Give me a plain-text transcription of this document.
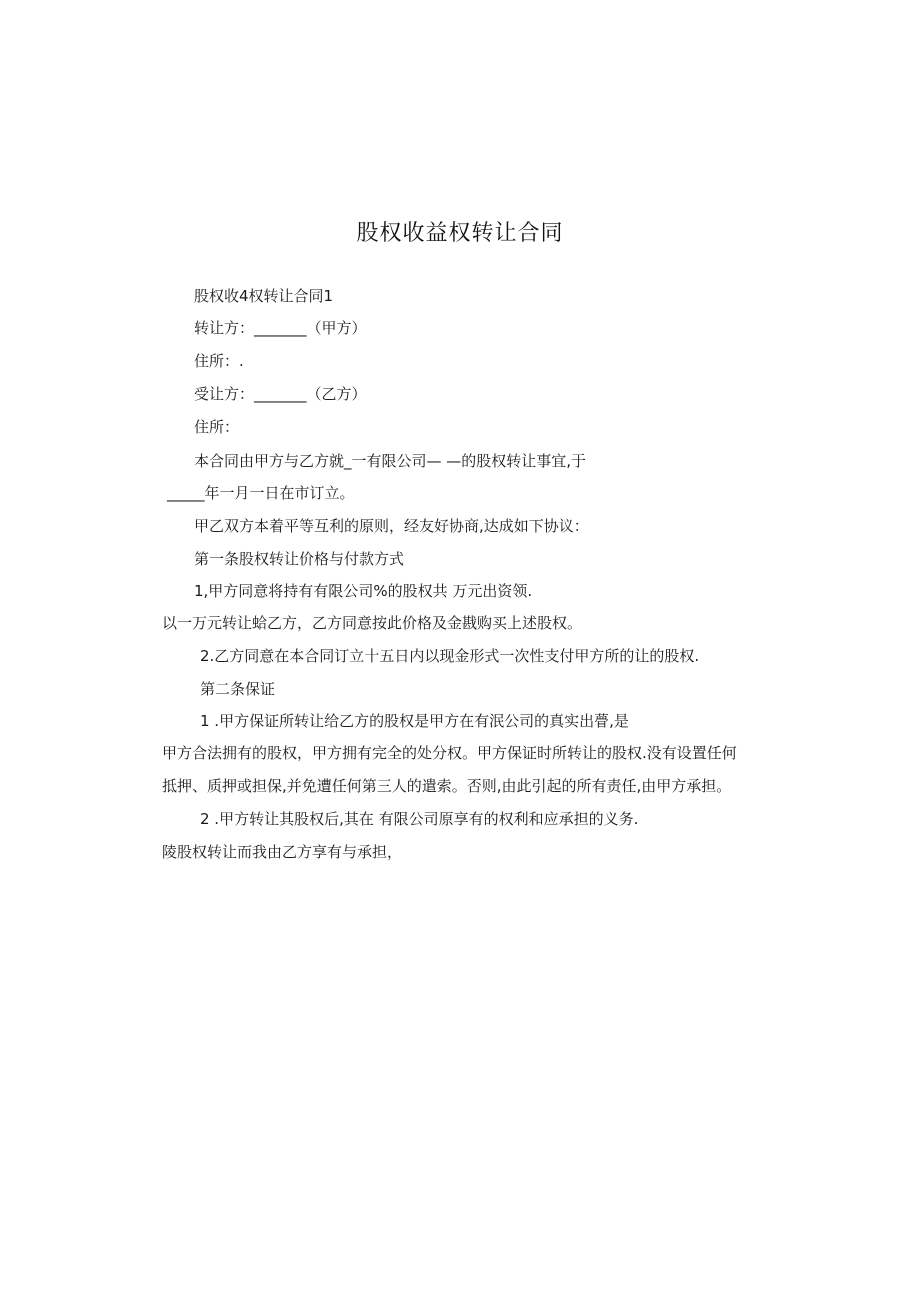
股权收益权转让合同
股权收4权转让合同1
转让方：_______（甲方）
住所：.
受让方：_______（乙方）
住所：
本合同由甲方与乙方就_一有限公司— —的股权转让事宜,于
_____年一月一日在市订立。
甲乙双方本着平等互利的原则，经友好协商,达成如下协议：
第一条股权转让价格与付款方式
1,甲方同意将持有有限公司%的股权共 万元出资领.
以一万元转让蛤乙方，乙方同意按此价格及金戡购买上述股权。
2.乙方同意在本合同订立十五日内以现金形式一次性支付甲方所的让的股权.
第二条保证
1 .甲方保证所转让给乙方的股权是甲方在有泯公司的真实出瞢,是
甲方合法拥有的股权，甲方拥有完全的处分权。甲方保证时所转让的股权.没有设置任何
抵押、质押或担保,并免遭任何第三人的遣索。否则,由此引起的所有责任,由甲方承担。
2 .甲方转让其股权后,其在 有限公司原享有的权利和应承担的义务.
陵股权转让而我由乙方享有与承担，
